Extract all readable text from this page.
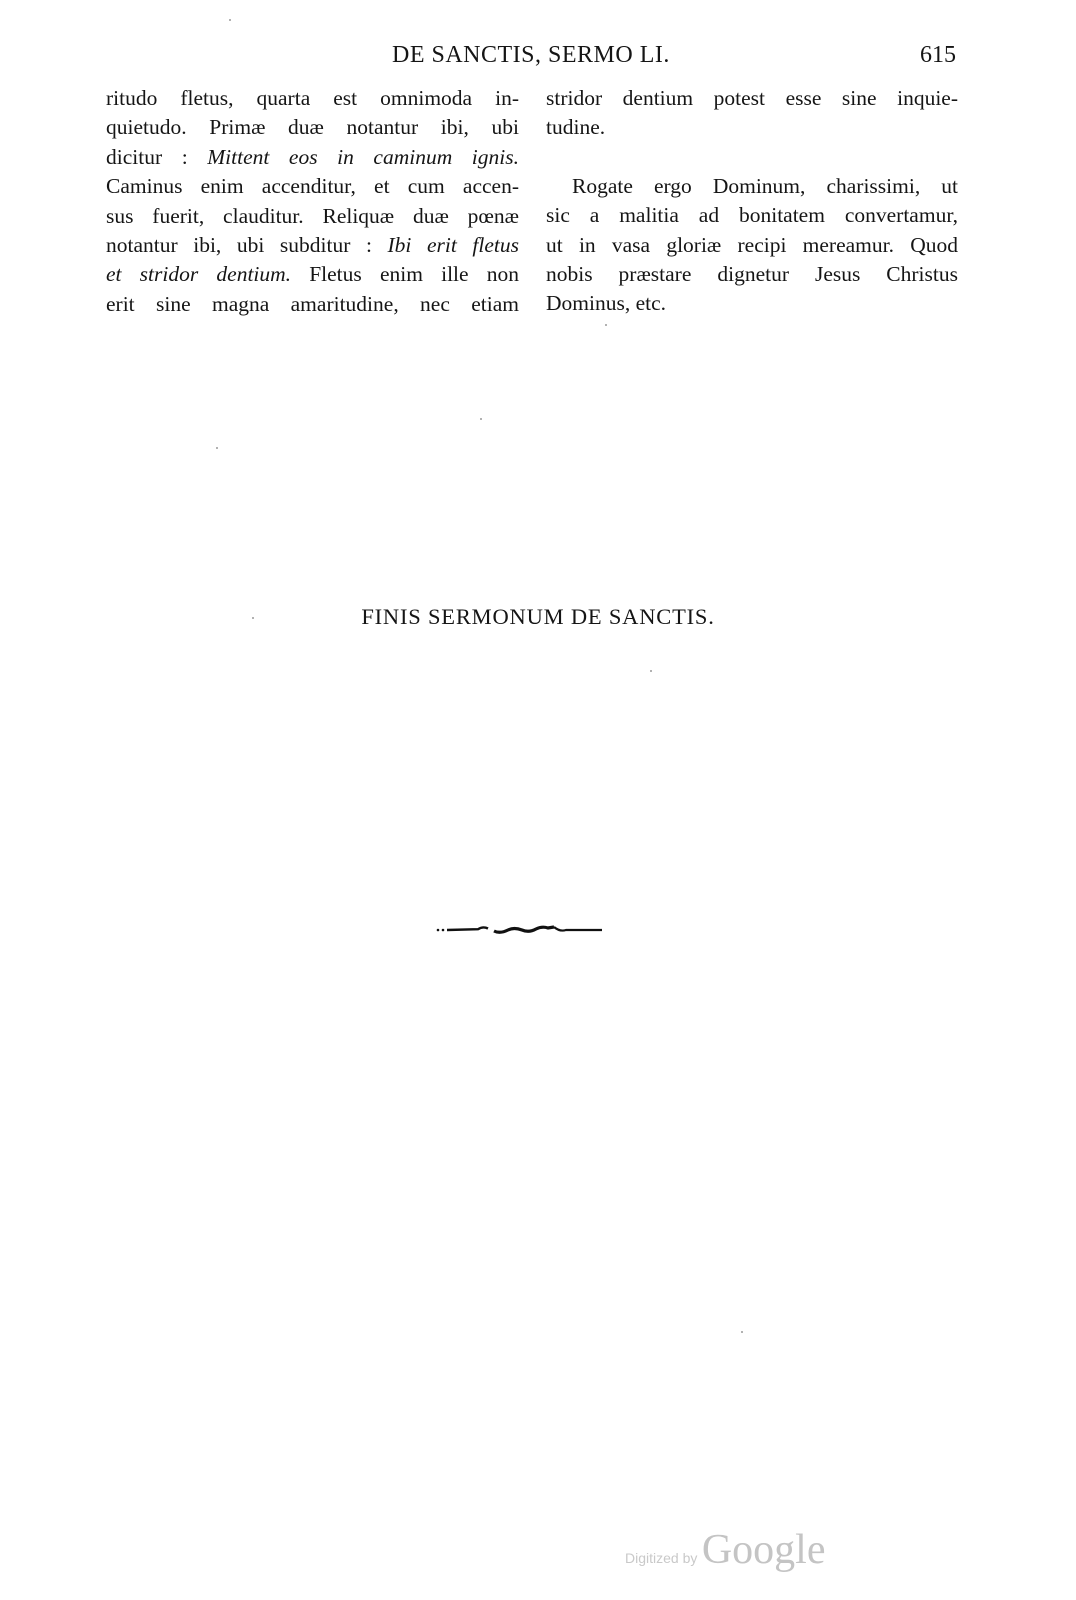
DE SANCTIS, SERMO LI.	615
ritudo fletus, quarta est omnimoda in-
quietudo. Primæ duæ notantur ibi, ubi
dicitur : Mittent eos in caminum ignis.
Caminus enim accenditur, et cum accen-
sus fuerit, clauditur. Reliquæ duæ pœnæ
notantur ibi, ubi subditur : Ibi erit fletus
et stridor dentium. Fletus enim ille non
erit sine magna amaritudine, nec etiam
stridor dentium potest esse sine inquie-
tudine.
Rogate ergo Dominum, charissimi, ut
sic a malitia ad bonitatem convertamur,
ut in vasa gloriæ recipi mereamur. Quod
nobis præstare dignetur Jesus Christus
Dominus, etc.
FINIS SERMONUM DE SANCTIS.
Digitized by Google
